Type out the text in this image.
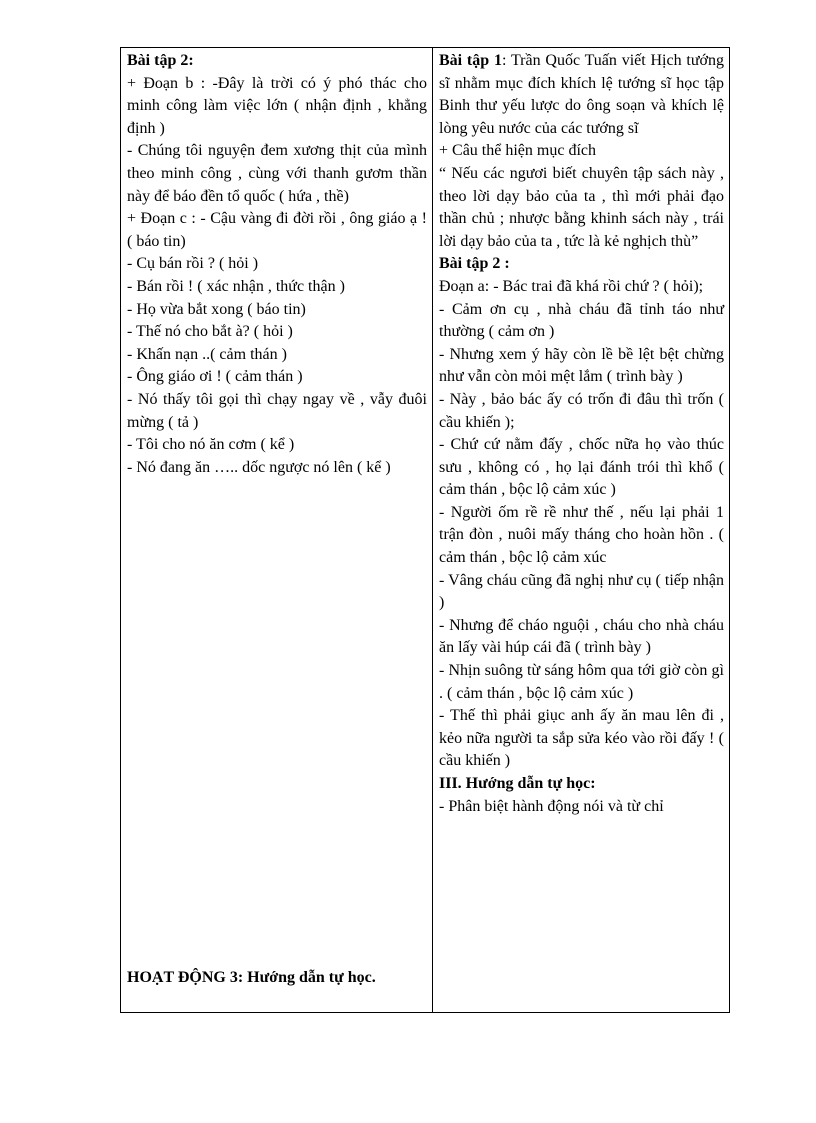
Bài tập 2:

+ Đoạn b : -Đây là trời có ý phó thác cho minh công làm việc lớn ( nhận định , khẳng định )

- Chúng tôi nguyện đem xương thịt của mình theo minh công , cùng với thanh gươm thần này để báo đền tổ quốc ( hứa , thề)

+ Đoạn c : - Cậu vàng đi đời rồi , ông giáo ạ ! ( báo tin)

- Cụ bán rồi ? ( hỏi )

- Bán rồi ! ( xác nhận , thức thận )

- Họ vừa bắt xong ( báo tin)

- Thế nó cho bắt à? ( hỏi )

- Khấn nạn ..( cảm thán )

- Ông giáo ơi ! ( cảm thán )

- Nó thấy tôi gọi thì chạy ngay về , vẫy đuôi mừng ( tả )

- Tôi cho nó ăn cơm ( kể )

- Nó đang ăn ….. dốc ngược nó lên ( kể )

HOẠT ĐỘNG 3: Hướng dẫn tự học.

Bài tập 1: Trần Quốc Tuấn viết Hịch tướng sĩ nhằm mục đích khích lệ tướng sĩ học tập Binh thư yếu lược do ông soạn và khích lệ lòng yêu nước của các tướng sĩ

+ Câu thể hiện mục đích

“ Nếu các ngươi biết chuyên tập sách này , theo lời dạy bảo của ta , thì mới phải đạo thần chủ ; nhược bằng khinh sách này , trái lời dạy bảo của ta , tức là kẻ nghịch thù”

Bài tập 2 :

Đoạn a: - Bác trai đã khá rồi chứ ? ( hỏi);

- Cảm ơn cụ , nhà cháu đã tỉnh táo như thường ( cảm ơn )

- Nhưng xem ý hãy còn lề bề lệt bệt chừng như vẫn còn mỏi mệt lắm ( trình bày )

- Này , bảo bác ấy có trốn đi đâu thì trốn ( cầu khiến );

- Chứ cứ nằm đấy , chốc nữa họ vào thúc sưu , không có , họ lại đánh trói thì khổ ( cảm thán , bộc lộ cảm xúc )

- Người ốm rề rề như thế , nếu lại phải 1 trận đòn , nuôi mấy tháng cho hoàn hồn . ( cảm thán , bộc lộ cảm xúc

- Vâng cháu cũng đã nghị như cụ ( tiếp nhận )

- Nhưng để cháo nguội , cháu cho nhà cháu ăn lấy vài húp cái đã ( trình bày )

- Nhịn suông từ sáng hôm qua tới giờ còn gì . ( cảm thán , bộc lộ cảm xúc )

- Thế thì phải giục anh ấy ăn mau lên đi , kẻo nữa người ta sắp sửa kéo vào rồi đấy ! ( cầu khiến )

III. Hướng dẫn tự học:

- Phân biệt hành động nói và từ chỉ
